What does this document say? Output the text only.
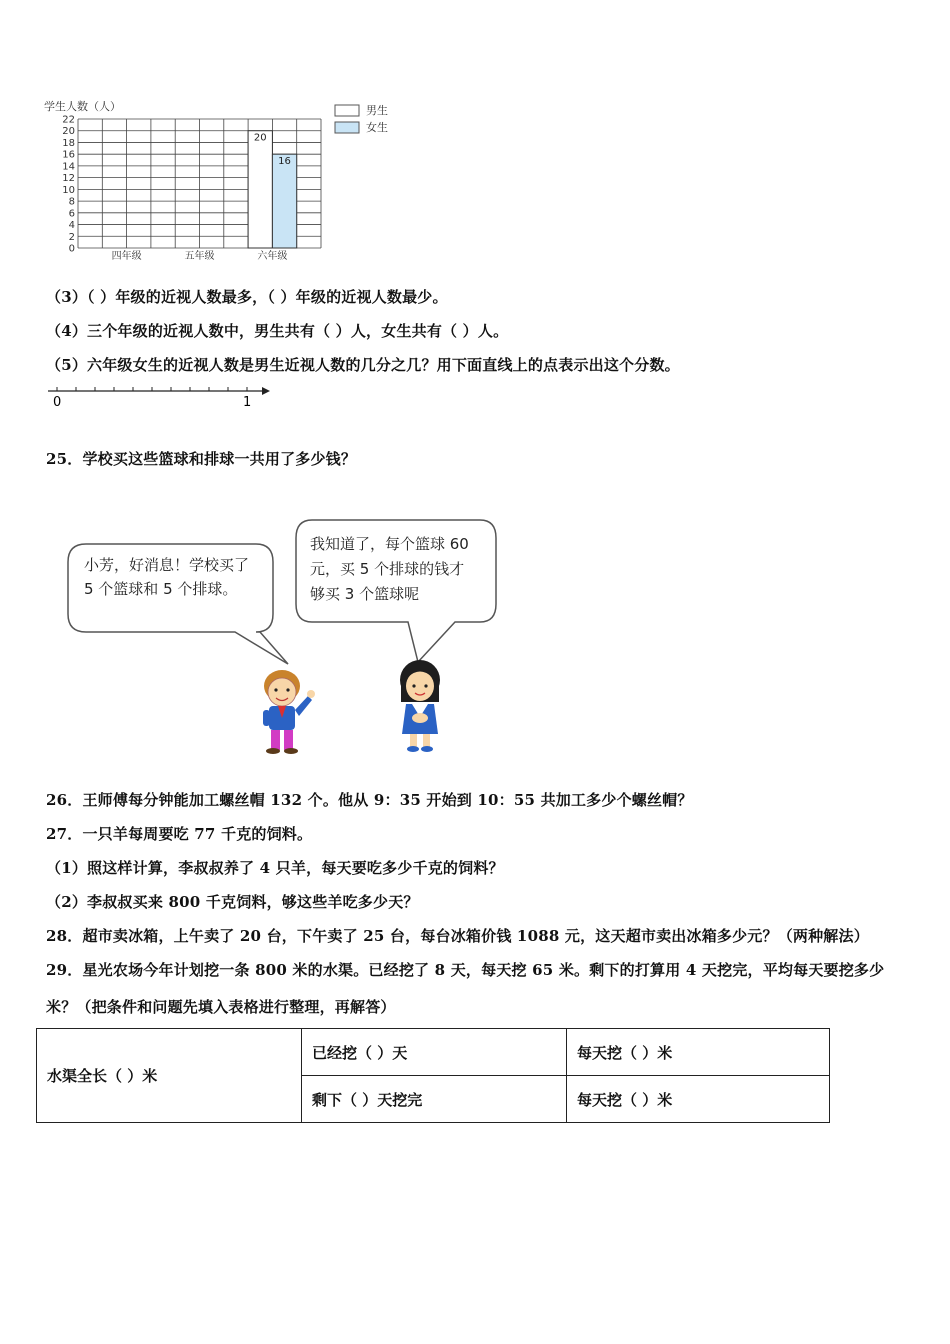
学生人数（人）
0
2
4
6
8
10
12
14
16
18
20
22
20
16
四年级	五年级	六年级
男生
女生
（3）（ ）年级的近视人数最多，（ ）年级的近视人数最少。
（4）三个年级的近视人数中，男生共有（ ）人，女生共有（ ）人。
（5）六年级女生的近视人数是男生近视人数的几分之几？用下面直线上的点表示出这个分数。
0	1
25．学校买这些篮球和排球一共用了多少钱？
小芳，好消息！学校买了
5 个篮球和 5 个排球。
我知道了，每个篮球 60
元，买 5 个排球的钱才
够买 3 个篮球呢
26．王师傅每分钟能加工螺丝帽 132 个。他从 9：35 开始到 10：55 共加工多少个螺丝帽？
27．一只羊每周要吃 77 千克的饲料。
（1）照这样计算，李叔叔养了 4 只羊，每天要吃多少千克的饲料？
（2）李叔叔买来 800 千克饲料，够这些羊吃多少天？
28．超市卖冰箱，上午卖了 20 台，下午卖了 25 台，每台冰箱价钱 1088 元，这天超市卖出冰箱多少元？（两种解法）
29．星光农场今年计划挖一条 800 米的水渠。已经挖了 8 天，每天挖 65 米。剩下的打算用 4 天挖完，平均每天要挖多少
米？（把条件和问题先填入表格进行整理，再解答）
水渠全长（ ）米	已经挖（ ）天	每天挖（ ）米
	剩下（ ）天挖完	每天挖（ ）米
